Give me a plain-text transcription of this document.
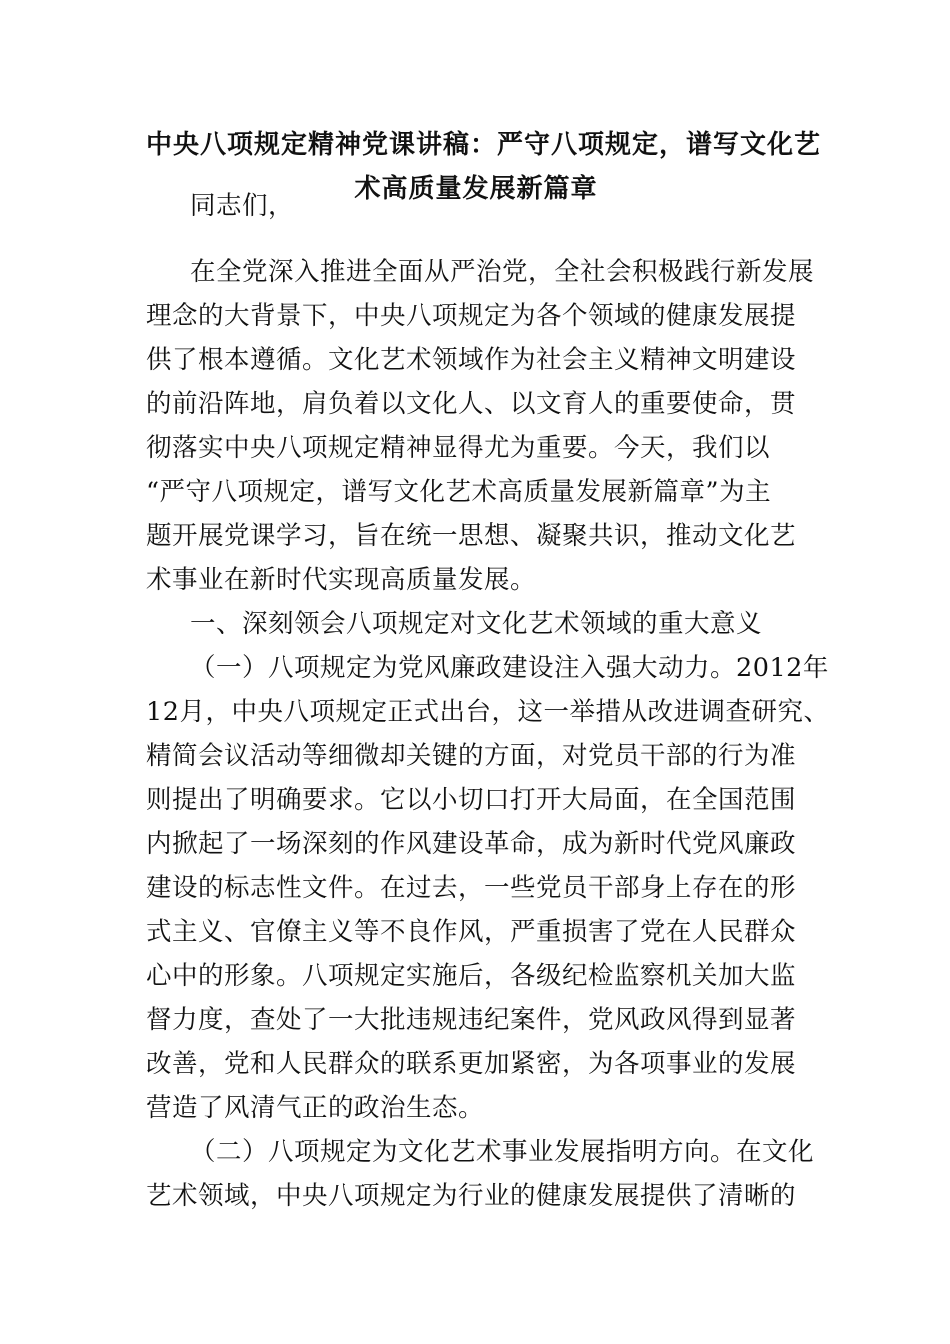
中央八项规定精神党课讲稿：严守八项规定，谱写文化艺
术高质量发展新篇章
同志们，
在全党深入推进全面从严治党，全社会积极践行新发展
理念的大背景下，中央八项规定为各个领域的健康发展提
供了根本遵循。文化艺术领域作为社会主义精神文明建设
的前沿阵地，肩负着以文化人、以文育人的重要使命，贯
彻落实中央八项规定精神显得尤为重要。今天，我们以
“严守八项规定，谱写文化艺术高质量发展新篇章”为主
题开展党课学习，旨在统一思想、凝聚共识，推动文化艺
术事业在新时代实现高质量发展。
一、深刻领会八项规定对文化艺术领域的重大意义
（一）八项规定为党风廉政建设注入强大动力。2012年
12月，中央八项规定正式出台，这一举措从改进调查研究、
精简会议活动等细微却关键的方面，对党员干部的行为准
则提出了明确要求。它以小切口打开大局面，在全国范围
内掀起了一场深刻的作风建设革命，成为新时代党风廉政
建设的标志性文件。在过去，一些党员干部身上存在的形
式主义、官僚主义等不良作风，严重损害了党在人民群众
心中的形象。八项规定实施后，各级纪检监察机关加大监
督力度，查处了一大批违规违纪案件，党风政风得到显著
改善，党和人民群众的联系更加紧密，为各项事业的发展
营造了风清气正的政治生态。
（二）八项规定为文化艺术事业发展指明方向。在文化
艺术领域，中央八项规定为行业的健康发展提供了清晰的
